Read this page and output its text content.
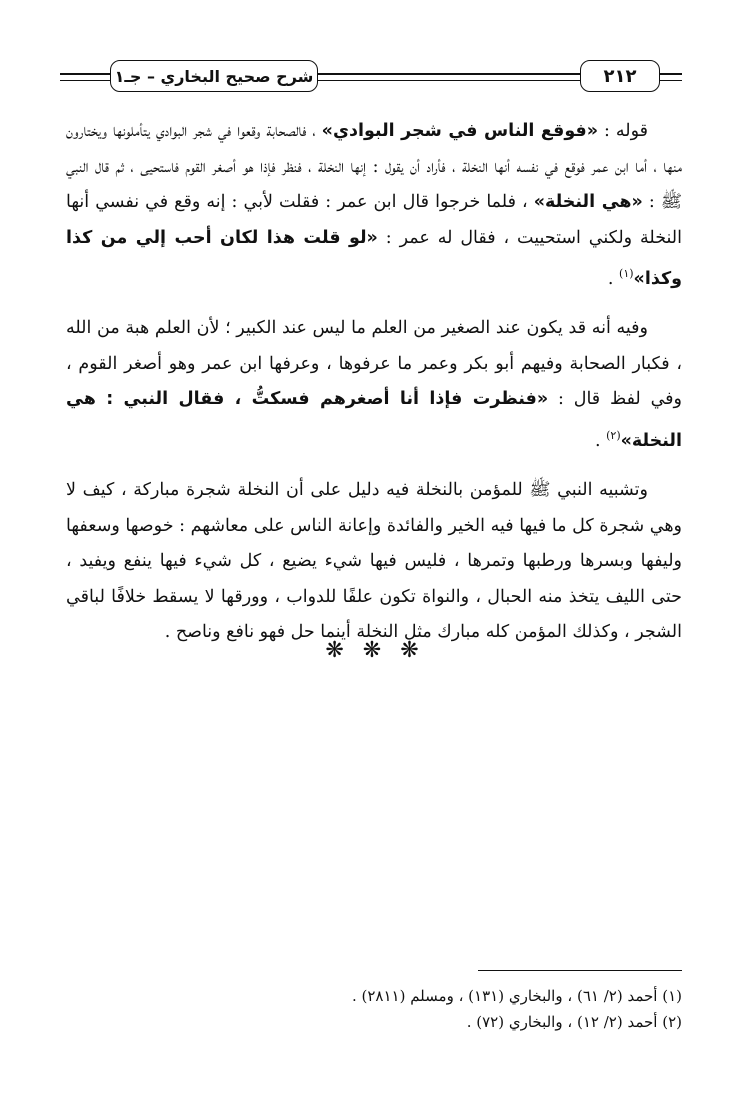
شرح صحيح البخاري – جـ١	٢١٢

قوله : «فوقع الناس في شجر البوادي» ، فالصحابة وقعوا في شجر البوادي يتأملونها ويختارون منها ، أما ابن عمر فوقع في نفسه أنها النخلة ، فأراد أن يقول : إنها النخلة ، فنظر فإذا هو أصغر القوم فاستحيى ، ثم قال النبي ﷺ : «هي النخلة» ، فلما خرجوا قال ابن عمر : فقلت لأبي : إنه وقع في نفسي أنها النخلة ولكني استحييت ، فقال له عمر : «لو قلت هذا لكان أحب إلي من كذا وكذا»$^{(١)}$ .

وفيه أنه قد يكون عند الصغير من العلم ما ليس عند الكبير ؛ لأن العلم هبة من الله ، فكبار الصحابة وفيهم أبو بكر وعمر ما عرفوها ، وعرفها ابن عمر وهو أصغر القوم ، وفي لفظ قال : «فنظرت فإذا أنا أصغرهم فسكتُّ ، فقال النبي : هي النخلة»$^{(٢)}$ .

وتشبيه النبي ﷺ للمؤمن بالنخلة فيه دليل على أن النخلة شجرة مباركة ، كيف لا وهي شجرة كل ما فيها فيه الخير والفائدة وإعانة الناس على معاشهم : خوصها وسعفها وليفها وبسرها ورطبها وتمرها ، فليس فيها شيء يضيع ، كل شيء فيها ينفع ويفيد ، حتى الليف يتخذ منه الحبال ، والنواة تكون علفًا للدواب ، وورقها لا يسقط خلافًا لباقي الشجر ، وكذلك المؤمن كله مبارك مثل النخلة أينما حل فهو نافع وناصح .

❋ ❋ ❋

(١) أحمد (٢/ ٦١) ، والبخاري (١٣١) ، ومسلم (٢٨١١) .

(٢) أحمد (٢/ ١٢) ، والبخاري (٧٢) .
